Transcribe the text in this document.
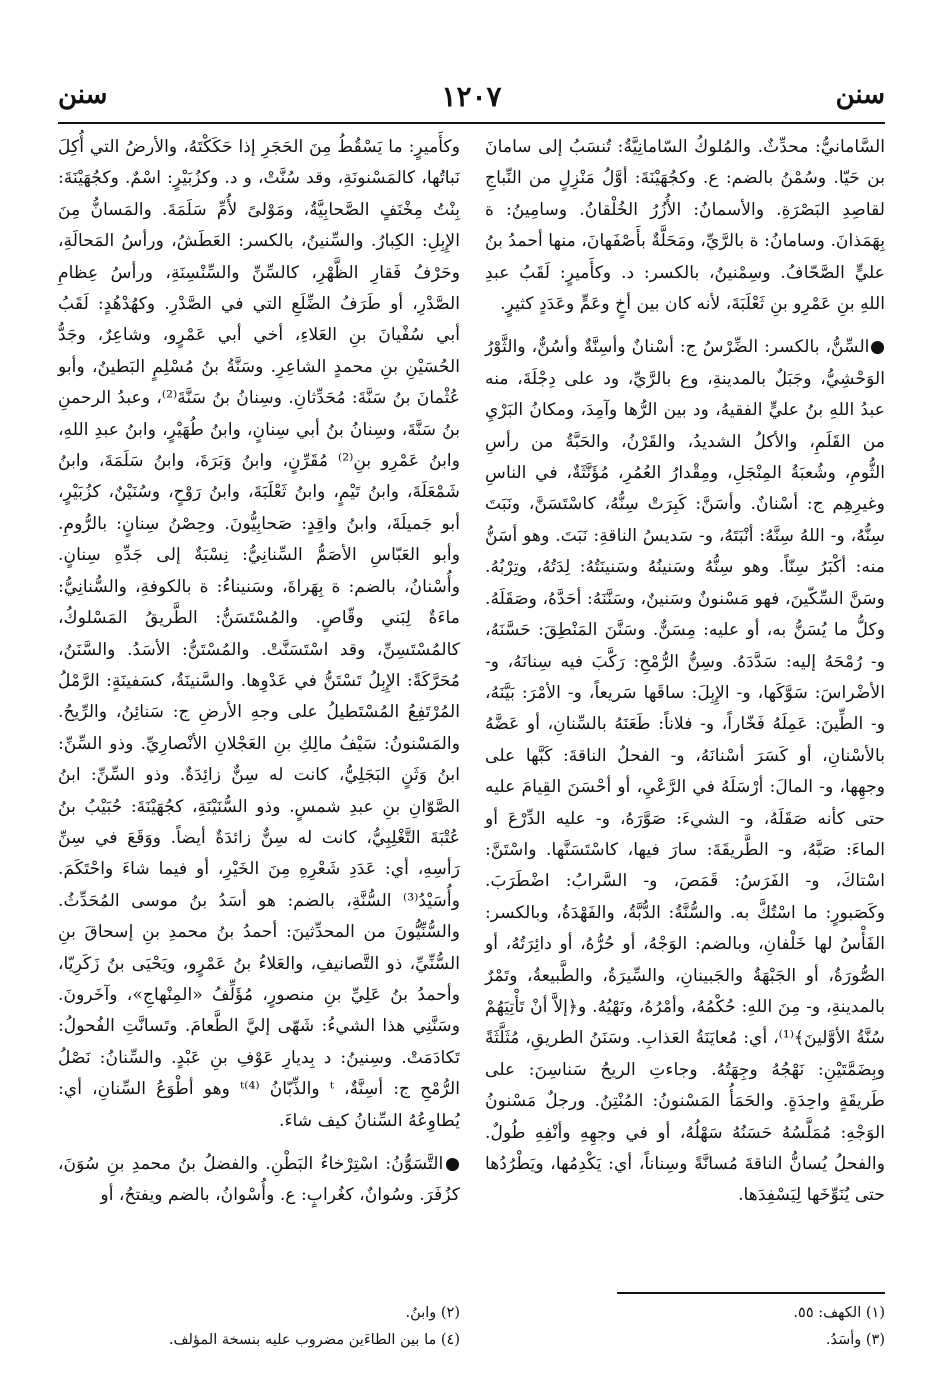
سنن
١٢٠٧
سنن

السَّامانيُّ: محدِّثٌ. والمُلوكُ السّامانِيَّةُ: تُنسَبُ إلى سامانَ بن حَيّا. وسُمْنُ بالضم: ع. وكجُهَيْنَةَ: أوَّلُ مَنْزِلٍ من النِّباجِ لقاصِدِ البَصْرَةِ. والأسمانُ: الأُزُرُ الخُلْقانُ. وسامِينُ: ة بِهَمَذانَ. وسامانُ: ة بالرَّيِّ، ومَحَلَّةٌ بأَصْفَهانَ، منها أحمدُ بنُ عليٍّ الصَّحّافُ. وسِمْنينُ، بالكسر: د. وكأَميرٍ: لَقَبُ عبدِ اللهِ بنِ عَمْرِو بنِ ثَعْلَبَةَ، لأنه كان بين أخٍ وعَمٍّ وعَدَدٍ كثيرٍ.

●السِّنُّ، بالكسر: الضِّرْسُ ج: أسْنانٌ وأسِنَّةٌ وأسُنٌّ، والثَّوْرُ الوَحْشِيُّ، وجَبَلٌ بالمدينةِ، وع بالرَّيِّ، ود على دِجْلَةَ، منه عبدُ اللهِ بنُ عليٍّ الفقيهُ، ود بين الرُّها وآمِدَ، ومكانُ البَرْيِ من القَلَمِ، والأكلُ الشديدُ، والقَرْنُ، والحَبَّةُ من رأسِ الثُّومِ، وشُعبَةُ المِنْجَلِ، ومِقْدارُ العُمُرِ، مُؤَنَّثَةٌ، في الناسِ وغيرِهِم ج: أسْنانٌ. وأسَنَّ: كَبِرَتْ سِنُّهُ، كاسْتَسَنَّ، ونَبَتَ سِنُّهُ، و- اللهُ سِنَّهُ: أنْبَتَهُ، و- سَديسُ الناقةِ: نَبَتَ. وهو أسَنُّ منه: أكْبَرُ سِنّاً. وهو سِنُّهُ وسَنينُهُ وسَنينَتُهُ: لِدَتُهُ، وتِرْبُهُ. وسَنَّ السِّكّينَ، فهو مَسْنونٌ وسَنينٌ، وسَنَّنَهُ: أحَدَّهُ، وصَقَلَهُ. وكلُّ ما يُسَنُّ به، أو عليه: مِسَنٌّ. وسَنَّنَ المَنْطِقَ: حَسَّنَهُ، و- رُمْحَهُ إليه: سَدَّدَهُ. وسِنُّ الرُّمْحِ: رَكَّبَ فيه سِنانَهُ، و- الأضْراسَ: سَوَّكَها، و- الإِبِلَ: ساقَها سَريعاً، و- الأمْرَ: بَيَّنَهُ، و- الطِّينَ: عَمِلَهُ فَخّاراً، و- فلاناً: طَعَنَهُ بالسِّنانِ، أو عَضَّهُ بالأسْنانِ، أو كَسَرَ أسْنانَهُ، و- الفحلُ الناقةَ: كَبَّها على وجهِها، و- المالَ: أرْسَلَهُ في الرَّعْيِ، أو أحْسَنَ القِيامَ عليه حتى كأنه صَقَلَهُ، و- الشيءَ: صَوَّرَهُ، و- عليه الدِّرْعَ أو الماءَ: صَبَّهُ، و- الطَّريقَةَ: سارَ فيها، كاسْتَسَنَّها. واسْتَنَّ: اسْتاكَ، و- الفَرَسُ: قَمَصَ، و- السَّرابُ: اضْطَرَبَ. وكَصَبورٍ: ما اسْتُكَّ به. والسُّنَّةُ: الدُّبَّةُ، والفَهْدَةُ، وبالكسر: الفَأْسُ لها خَلْفانِ، وبالضم: الوَجْهُ، أو حُرُّهُ، أو دائِرَتُهُ، أو الصُّورَةُ، أو الجَبْهَةُ والجَبينانِ، والسِّيرَةُ، والطَّبيعةُ، وتَمْرٌ بالمدينةِ، و- مِنَ اللهِ: حُكْمُهُ، وأمْرُهُ، ونَهْيُهُ. و﴿إلاَّ أنْ تَأْتِيَهُمْ سُنَّةُ الأوَّلينَ﴾⁽¹⁾، أي: مُعايَنَةُ العَذابِ. وسَنَنُ الطريقِ، مُثَلَّثَةً وبِضَمَّتَيْنِ: نَهْجُهُ وجِهَتُهُ. وجاءتِ الريحُ سَناسِنَ: على طَريقَةٍ واحِدَةٍ. والحَمَأُ المَسْنونُ: المُنْتِنُ. ورجلٌ مَسْنونُ الوَجْهِ: مُمَلَّسُهُ حَسَنُهُ سَهْلُهُ، أو في وجهِهِ وأنْفِهِ طُولٌ. والفحلُ يُسانُّ الناقةَ مُسانَّةً وسِناناً، أي: يَكْدِمُها، ويَطْرُدُها حتى يُنَوِّخَها لِيَسْفِدَها.

وكأَميرٍ: ما يَسْقُطُ مِنَ الحَجَرِ إذا حَكَكْتَهُ، والأرضُ التي أُكِلَ نَباتُها، كالمَسْنونَةِ، وقد سُنَّتْ، و د. وكزُبَيْرٍ: اسْمٌ. وكجُهَيْنَةَ: بِنْتُ مِخْنَفٍ الصَّحابِيَّةُ، ومَوْلىً لأُمِّ سَلَمَةَ. والمَسانُّ مِنَ الإِبِلِ: الكِبارُ. والسِّنينُ، بالكسر: العَطَشُ، ورأسُ المَحالَةِ، وحَرْفُ فَقارِ الظَّهْرِ، كالسِّنِّ والسِّنْسِنَةِ، ورأسُ عِظامِ الصَّدْرِ، أو طَرَفُ الضِّلَعِ التي في الصَّدْرِ. وكهُدْهُدٍ: لَقَبُ أبي سُفْيانَ بنِ العَلاءِ، أخي أبي عَمْرٍو، وشاعِرٌ، وجَدُّ الحُسَيْنِ بنِ محمدٍ الشاعِرِ. وسَنَّةُ بنُ مُسْلِمٍ البَطينُ، وأبو عُثْمانَ بنُ سَنَّةَ: مُحَدِّثانِ. وسِنانُ بنُ سَنَّةَ⁽²⁾، وعبدُ الرحمنِ بنُ سَنَّةَ، وسِنانُ بنُ أبي سِنانٍ، وابنُ طُهَيْرٍ، وابنُ عبدِ اللهِ، وابنُ عَمْرِو بنِ⁽²⁾ مُقَرِّنٍ، وابنُ وَبَرَةَ، وابنُ سَلَمَةَ، وابنُ شَمْعَلَةَ، وابنُ تَيْمٍ، وابنُ ثَعْلَبَةَ، وابنُ رَوْحٍ، وسُنَيْنٌ، كزُبَيْرٍ، أبو جَميلَةَ، وابنُ واقِدٍ: صَحابِيُّونَ. وحِصْنُ سِنانٍ: بالرُّومِ. وأبو العَبّاسِ الأصَمُّ السِّنانِيُّ: نِسْبَةٌ إلى جَدِّهِ سِنانٍ. وأُسْنانُ، بالضم: ة بِهَراةَ، وسَنيناءُ: ة بالكوفةِ، والسُّنانِيُّ: ماءَةٌ لِبَني وقّاصٍ. والمُسْتَسَنُّ: الطَّريقُ المَسْلوكُ، كالمُسْتَسِنِّ، وقد اسْتَسَنَّتْ. والمُسْتَنُّ: الأسَدُ. والسَّنَنُ، مُحَرَّكَةً: الإِبِلُ تَسْتَنُّ في عَدْوِها. والسَّنينَةُ، كسَفينَةٍ: الرَّمْلُ المُرْتَفِعُ المُسْتَطيلُ على وجهِ الأرضِ ج: سَنائِنُ، والرِّيحُ. والمَسْنونُ: سَيْفُ مالِكِ بنِ العَجْلانِ الأنْصارِيِّ. وذو السِّنِّ: ابنُ وَثَنٍ البَجَلِيُّ، كانت له سِنٌّ زائِدَةٌ. وذو السِّنِّ: ابنُ الصَّوّانِ بنِ عبدِ شمسٍ. وذو السُّنَيْنَةِ، كجُهَيْنَةَ: حُبَيْبُ بنُ عُتْبَةَ التَّغْلِبِيُّ، كانت له سِنٌّ زائدَةٌ أيضاً. ووَقَعَ في سِنِّ رَأسِهِ، أي: عَدَدِ شَعْرِهِ مِنَ الخَيْرِ، أو فيما شاءَ واحْتَكَمَ. وأُسَيْدُ⁽³⁾ السُّنَّةِ، بالضم: هو أسَدُ بنُ موسى المُحَدِّثُ. والسُّنِّيُّونَ من المحدِّثينَ: أحمدُ بنُ محمدِ بنِ إسحاقَ بنِ السُّنِّيِّ، ذو التَّصانيفِ، والعَلاءُ بنُ عَمْرٍو، ويَحْيَى بنُ زَكَرِيّا، وأحمدُ بنُ عَلِيِّ بنِ منصورٍ، مُؤَلِّفُ «المِنْهاجِ»، وآخَرونَ. وسَنَّنِي هذا الشيءُ: شَهّى إليَّ الطَّعامَ. وتَسانَّتِ الفُحولُ: تَكادَمَتْ. وسِنينُ: د بِديارِ عَوْفِ بنِ عَبْدٍ. والسِّنانُ: نَصْلُ الرُّمْحِ ج: أسِنَّةٌ، ᵗ والذِّبّانُ ᵗ⁽⁴⁾ وهو أطْوَعُ السِّنانِ، أي: يُطاوِعُهُ السِّنانُ كيف شاءَ.

●التَّسَوُّنُ: اسْتِرْخاءُ البَطْنِ. والفضلُ بنُ محمدِ بنِ سُوَنَ، كزُفَرَ. وسُوانٌ، كغُرابٍ: ع. وأُسْوانُ، بالضم ويفتحُ، أو

(١) الكهف: ٥٥.

(٣) وأسَدُ.

(٢) وابنُ.

(٤) ما بين الطاءَين مضروب عليه بنسخة المؤلف.
